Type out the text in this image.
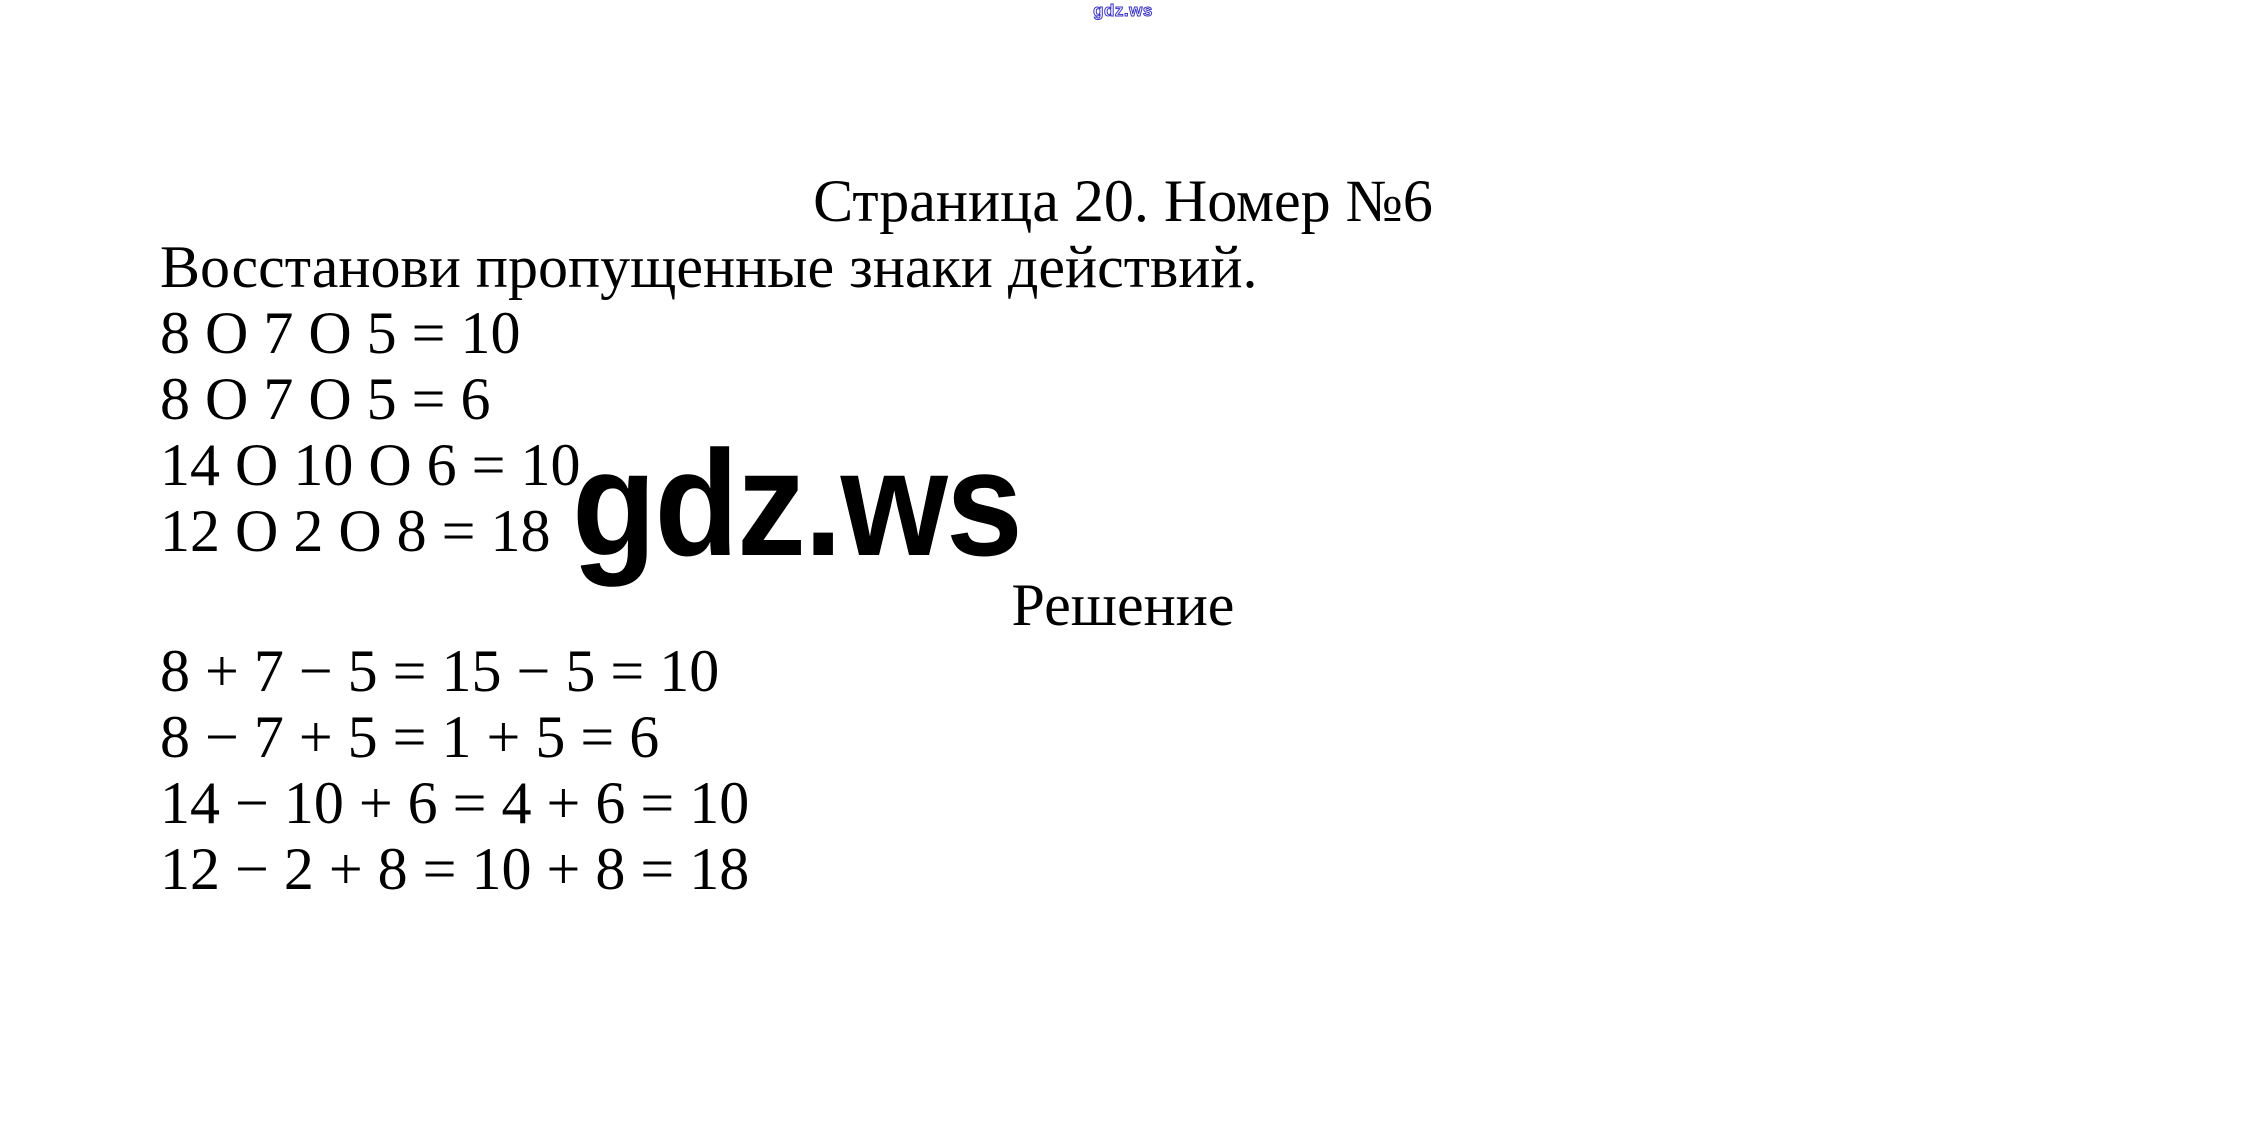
gdz.ws
Страница 20. Номер №6
Восстанови пропущенные знаки действий.
8 О 7 О 5 = 10
8 О 7 О 5 = 6
14 О 10 О 6 = 10
12 О 2 О 8 = 18
Решение
8 + 7 − 5 = 15 − 5 = 10
8 − 7 + 5 = 1 + 5 = 6
14 − 10 + 6 = 4 + 6 = 10
12 − 2 + 8 = 10 + 8 = 18
gdz.ws
